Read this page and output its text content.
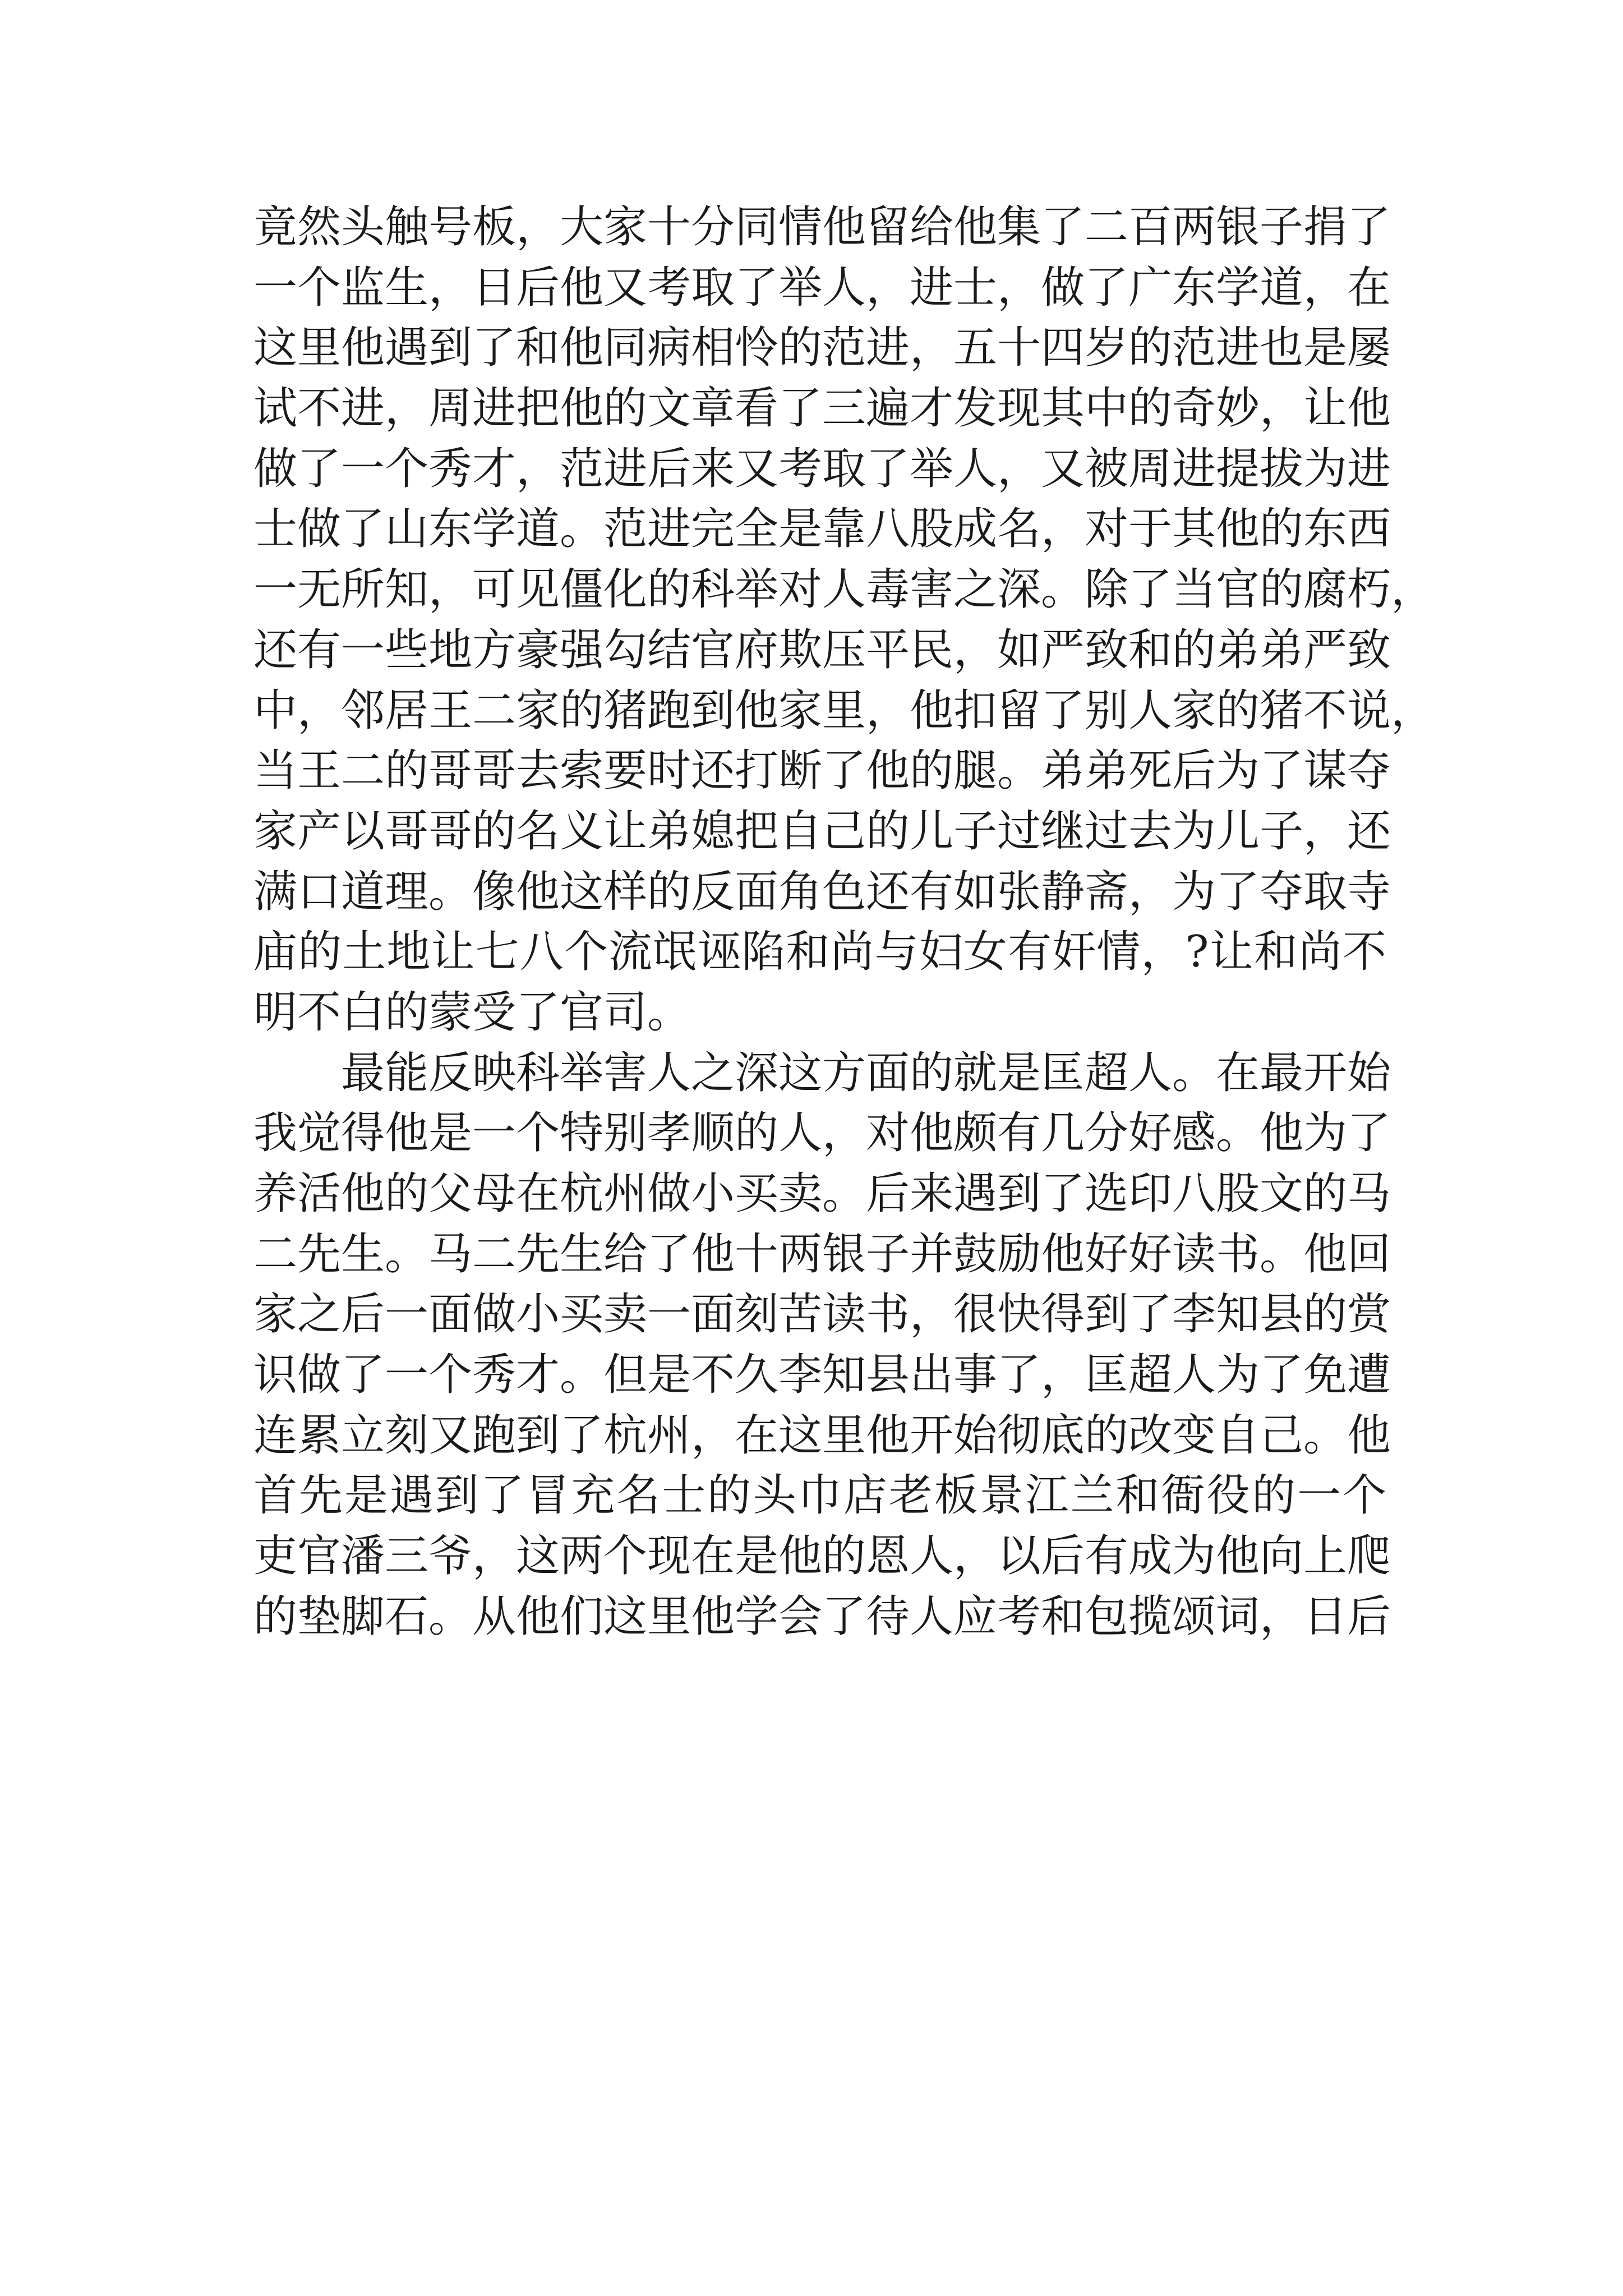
竟然头触号板，大家十分同情他留给他集了二百两银子捐了
一个监生，日后他又考取了举人，进士，做了广东学道，在
这里他遇到了和他同病相怜的范进，五十四岁的范进也是屡
试不进，周进把他的文章看了三遍才发现其中的奇妙，让他
做了一个秀才，范进后来又考取了举人，又被周进提拔为进
士做了山东学道。范进完全是靠八股成名，对于其他的东西
一无所知，可见僵化的科举对人毒害之深。除了当官的腐朽，
还有一些地方豪强勾结官府欺压平民，如严致和的弟弟严致
中，邻居王二家的猪跑到他家里，他扣留了别人家的猪不说，
当王二的哥哥去索要时还打断了他的腿。弟弟死后为了谋夺
家产以哥哥的名义让弟媳把自己的儿子过继过去为儿子，还
满口道理。像他这样的反面角色还有如张静斋，为了夺取寺
庙的土地让七八个流氓诬陷和尚与妇女有奸情，?让和尚不
明不白的蒙受了官司。
　　最能反映科举害人之深这方面的就是匡超人。在最开始
我觉得他是一个特别孝顺的人，对他颇有几分好感。他为了
养活他的父母在杭州做小买卖。后来遇到了选印八股文的马
二先生。马二先生给了他十两银子并鼓励他好好读书。他回
家之后一面做小买卖一面刻苦读书，很快得到了李知县的赏
识做了一个秀才。但是不久李知县出事了，匡超人为了免遭
连累立刻又跑到了杭州，在这里他开始彻底的改变自己。他
首先是遇到了冒充名士的头巾店老板景江兰和衙役的一个
吏官潘三爷，这两个现在是他的恩人，以后有成为他向上爬
的垫脚石。从他们这里他学会了待人应考和包揽颂词，日后
